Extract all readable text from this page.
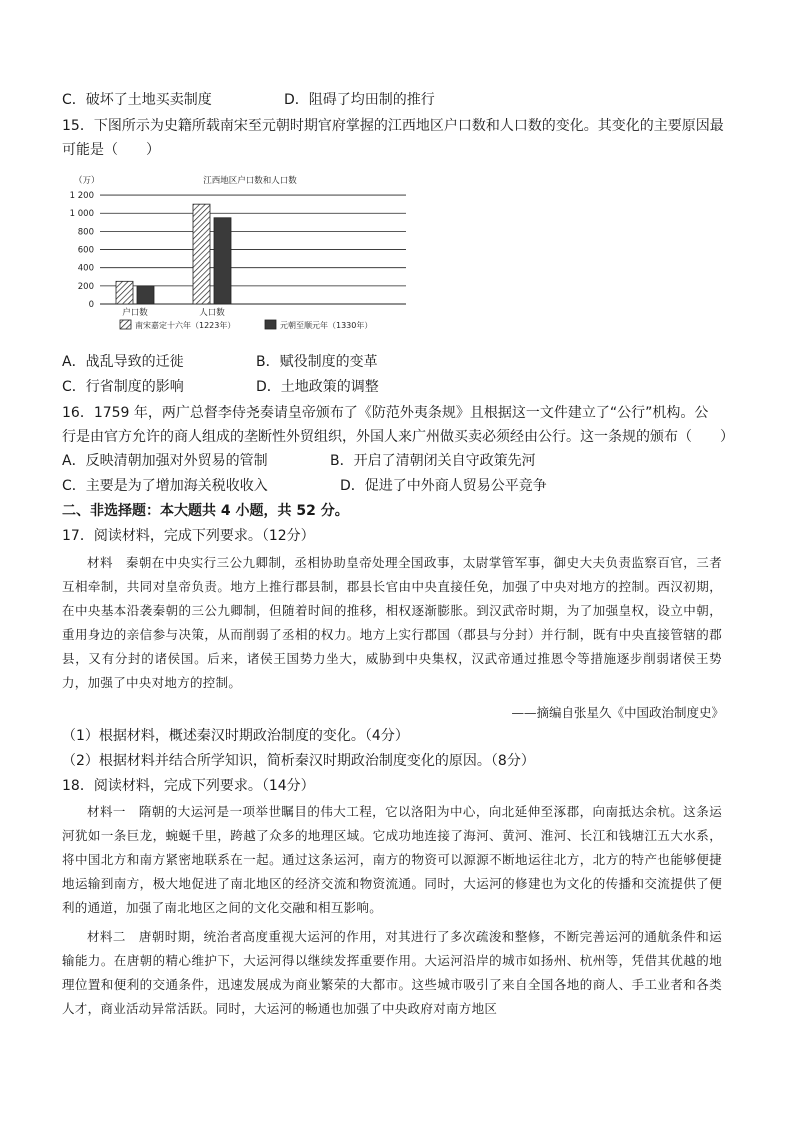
C．破坏了土地买卖制度	D．阻碍了均田制的推行
15．下图所示为史籍所载南宋至元朝时期官府掌握的江西地区户口数和人口数的变化。其变化的主要原因最
可能是（　　）
江西地区户口数和人口数
（万）
0
200
400
600
800
1 000
1 200
户口数	人口数
南宋嘉定十六年（1223年）	元朝至顺元年（1330年）
A．战乱导致的迁徙	B．赋役制度的变革
C．行省制度的影响	D．土地政策的调整
16．1759 年，两广总督李侍尧奏请皇帝颁布了《防范外夷条规》且根据这一文件建立了“公行”机构。公
行是由官方允许的商人组成的垄断性外贸组织，外国人来广州做买卖必须经由公行。这一条规的颁布（　　）
A．反映清朝加强对外贸易的管制	B．开启了清朝闭关自守政策先河
C．主要是为了增加海关税收收入	D．促进了中外商人贸易公平竞争
二、非选择题：本大题共 4 小题，共 52 分。
17．阅读材料，完成下列要求。（12分）

材料　秦朝在中央实行三公九卿制，丞相协助皇帝处理全国政事，太尉掌管军事，御史大夫负责监察百官，三者互相牵制，共同对皇帝负责。地方上推行郡县制，郡县长官由中央直接任免，加强了中央对地方的控制。西汉初期，在中央基本沿袭秦朝的三公九卿制，但随着时间的推移，相权逐渐膨胀。到汉武帝时期，为了加强皇权，设立中朝，重用身边的亲信参与决策，从而削弱了丞相的权力。地方上实行郡国（郡县与分封）并行制，既有中央直接管辖的郡县，又有分封的诸侯国。后来，诸侯王国势力坐大，威胁到中央集权，汉武帝通过推恩令等措施逐步削弱诸侯王势力，加强了中央对地方的控制。

——摘编自张星久《中国政治制度史》
（1）根据材料，概述秦汉时期政治制度的变化。（4分）
（2）根据材料并结合所学知识，简析秦汉时期政治制度变化的原因。（8分）
18．阅读材料，完成下列要求。（14分）

材料一　隋朝的大运河是一项举世瞩目的伟大工程，它以洛阳为中心，向北延伸至涿郡，向南抵达余杭。这条运河犹如一条巨龙，蜿蜒千里，跨越了众多的地理区域。它成功地连接了海河、黄河、淮河、长江和钱塘江五大水系，将中国北方和南方紧密地联系在一起。通过这条运河，南方的物资可以源源不断地运往北方，北方的特产也能够便捷地运输到南方，极大地促进了南北地区的经济交流和物资流通。同时，大运河的修建也为文化的传播和交流提供了便利的通道，加强了南北地区之间的文化交融和相互影响。

材料二　唐朝时期，统治者高度重视大运河的作用，对其进行了多次疏浚和整修，不断完善运河的通航条件和运输能力。在唐朝的精心维护下，大运河得以继续发挥重要作用。大运河沿岸的城市如扬州、杭州等，凭借其优越的地理位置和便利的交通条件，迅速发展成为商业繁荣的大都市。这些城市吸引了来自全国各地的商人、手工业者和各类人才，商业活动异常活跃。同时，大运河的畅通也加强了中央政府对南方地区
